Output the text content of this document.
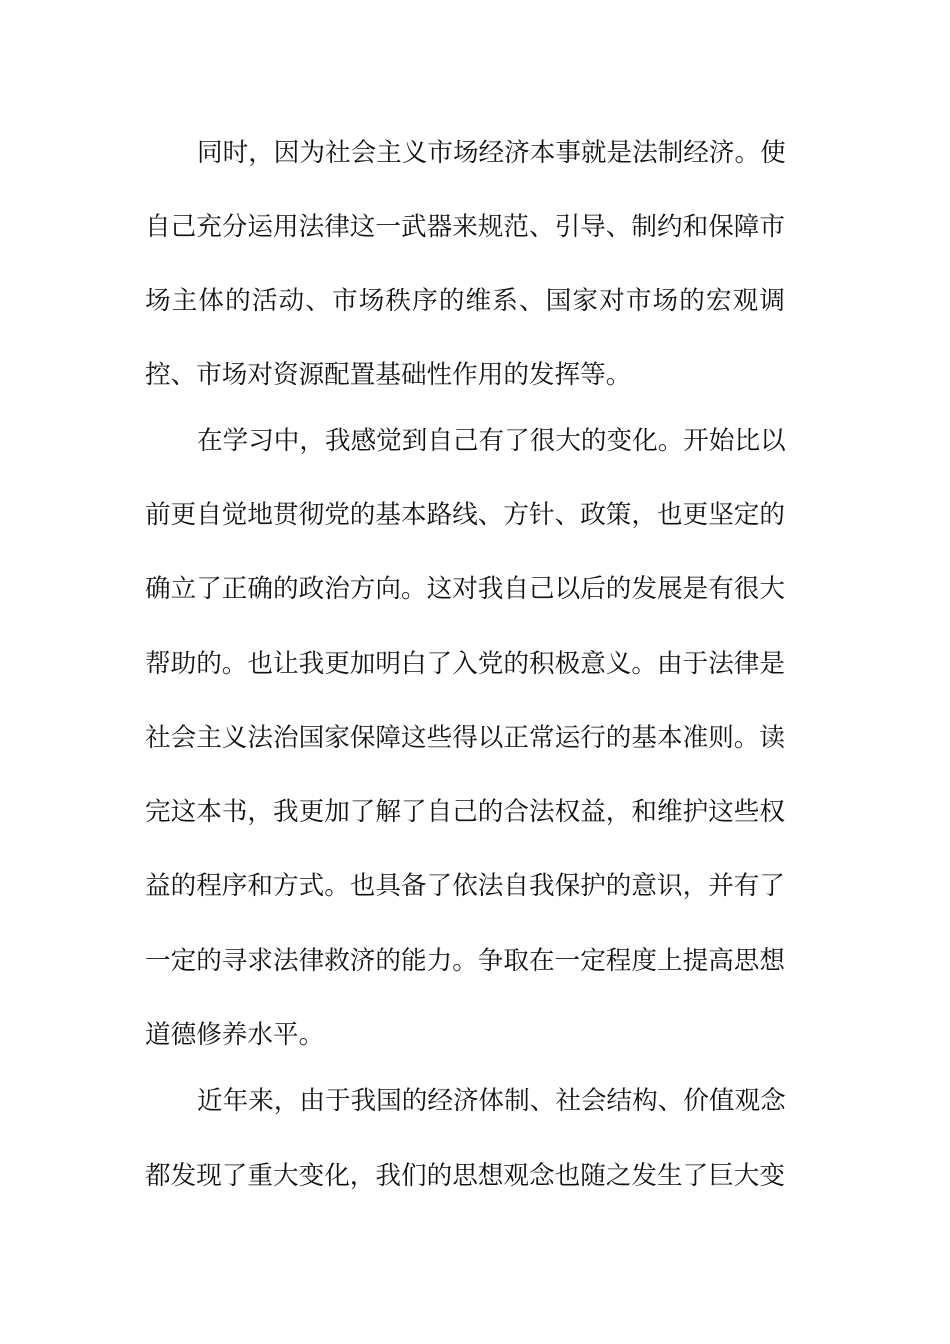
同时，因为社会主义市场经济本事就是法制经济。使
自己充分运用法律这一武器来规范、引导、制约和保障市
场主体的活动、市场秩序的维系、国家对市场的宏观调
控、市场对资源配置基础性作用的发挥等。
在学习中，我感觉到自己有了很大的变化。开始比以
前更自觉地贯彻党的基本路线、方针、政策，也更坚定的
确立了正确的政治方向。这对我自己以后的发展是有很大
帮助的。也让我更加明白了入党的积极意义。由于法律是
社会主义法治国家保障这些得以正常运行的基本准则。读
完这本书，我更加了解了自己的合法权益，和维护这些权
益的程序和方式。也具备了依法自我保护的意识，并有了
一定的寻求法律救济的能力。争取在一定程度上提高思想
道德修养水平。
近年来，由于我国的经济体制、社会结构、价值观念
都发现了重大变化，我们的思想观念也随之发生了巨大变
